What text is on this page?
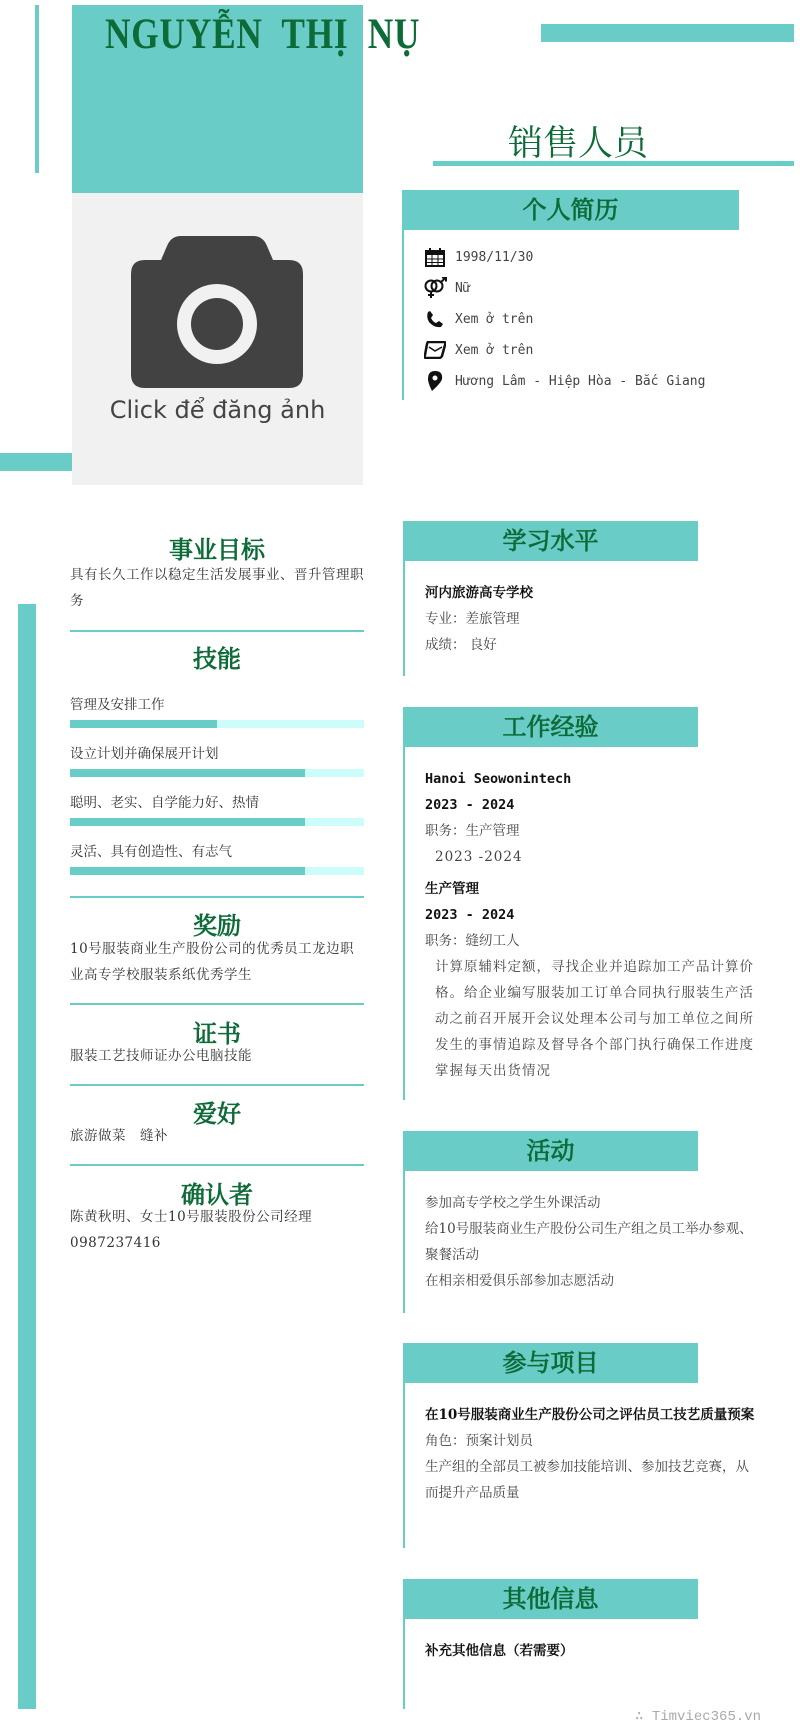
Click để đăng ảnh
NGUYỄN  THỊ  NỤ
销售人员
个人简历
1998/11/30
Nữ
Xem ở trên
Xem ở trên
Hương Lâm - Hiệp Hòa - Bắc Giang
事业目标
具有长久工作以稳定生活发展事业、晋升管理职务
技能
管理及安排工作
设立计划并确保展开计划
聪明、老实、自学能力好、热情
灵活、具有创造性、有志气
奖励
10号服装商业生产股份公司的优秀员工龙边职业高专学校服装系纸优秀学生
证书
服装工艺技师证办公电脑技能
爱好
旅游做菜　缝补
确认者
陈黄秋明、女士10号服装股份公司经理0987237416
学习水平
河内旅游高专学校
专业：差旅管理
成绩： 良好
工作经验
Hanoi Seowonintech
2023 - 2024
职务：生产管理
2023 -2024
生产管理
2023 - 2024
职务：缝纫工人
计算原辅料定额，寻找企业并追踪加工产品计算价格。给企业编写服装加工订单合同执行服装生产活动之前召开展开会议处理本公司与加工单位之间所发生的事情追踪及督导各个部门执行确保工作进度掌握每天出货情况
活动
参加高专学校之学生外课活动
给10号服装商业生产股份公司生产组之员工举办参观、聚餐活动
在相亲相爱俱乐部参加志愿活动
参与项目
在10号服装商业生产股份公司之评估员工技艺质量预案
角色：预案计划员
生产组的全部员工被参加技能培训、参加技艺竞赛，从而提升产品质量
其他信息
补充其他信息（若需要）
∴ Timviec365.vn
